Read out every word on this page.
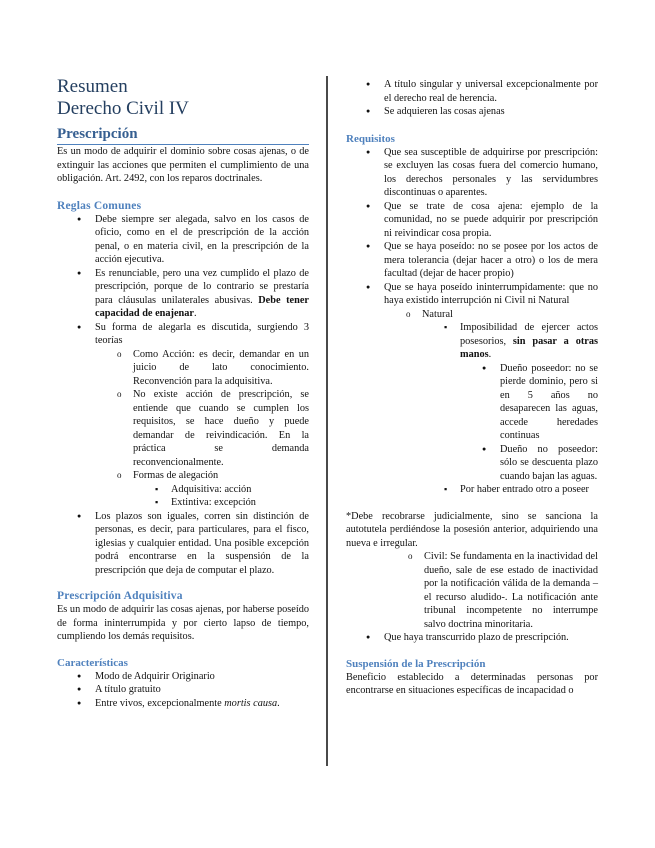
Resumen
Derecho Civil IV
Prescripción

Es un modo de adquirir el dominio sobre cosas ajenas, o de extinguir las acciones que permiten el cumplimiento de una obligación. Art. 2492, con los reparos doctrinales.

Reglas Comunes
● Debe siempre ser alegada, salvo en los casos de oficio, como en el de prescripción de la acción penal, o en materia civil, en la prescripción de la acción ejecutiva.
● Es renunciable, pero una vez cumplido el plazo de prescripción, porque de lo contrario se prestaría para cláusulas unilaterales abusivas. Debe tener capacidad de enajenar.
● Su forma de alegarla es discutida, surgiendo 3 teorías
o Como Acción: es decir, demandar en un juicio de lato conocimiento. Reconvención para la adquisitiva.
o No existe acción de prescripción, se entiende que cuando se cumplen los requisitos, se hace dueño y puede demandar de reivindicación. En la práctica se demanda reconvencionalmente.
o Formas de alegación
▪ Adquisitiva: acción
▪ Extintiva: excepción
● Los plazos son iguales, corren sin distinción de personas, es decir, para particulares, para el fisco, iglesias y cualquier entidad. Una posible excepción podrá encontrarse en la suspensión de la prescripción que deja de computar el plazo.
Prescripción Adquisitiva

Es un modo de adquirir las cosas ajenas, por haberse poseído de forma ininterrumpida y por cierto lapso de tiempo, cumpliendo los demás requisitos.

Características
● Modo de Adquirir Originario
● A título gratuito
● Entre vivos, excepcionalmente mortis causa.
● A título singular y universal excepcionalmente por el derecho real de herencia.
● Se adquieren las cosas ajenas
Requisitos
● Que sea susceptible de adquirirse por prescripción: se excluyen las cosas fuera del comercio humano, los derechos personales y las servidumbres discontinuas o aparentes.
● Que se trate de cosa ajena: ejemplo de la comunidad, no se puede adquirir por prescripción ni reivindicar cosa propia.
● Que se haya poseído: no se posee por los actos de mera tolerancia (dejar hacer a otro) o los de mera facultad (dejar de hacer propio)
● Que se haya poseído ininterrumpidamente: que no haya existido interrupción ni Civil ni Natural
o Natural
▪ Imposibilidad de ejercer actos posesorios, sin pasar a otras manos.
● Dueño poseedor: no se pierde dominio, pero si en 5 años no desaparecen las aguas, accede heredades continuas
● Dueño no poseedor: sólo se descuenta plazo cuando bajan las aguas.
▪ Por haber entrado otro a poseer

*Debe recobrarse judicialmente, sino se sanciona la autotutela perdiéndose la posesión anterior, adquiriendo una nueva e irregular.

o Civil: Se fundamenta en la inactividad del dueño, sale de ese estado de inactividad por la notificación válida de la demanda –el recurso aludido-. La notificación ante tribunal incompetente no interrumpe salvo doctrina minoritaria.
● Que haya transcurrido plazo de prescripción.
Suspensión de la Prescripción

Beneficio establecido a determinadas personas por encontrarse en situaciones específicas de incapacidad o
